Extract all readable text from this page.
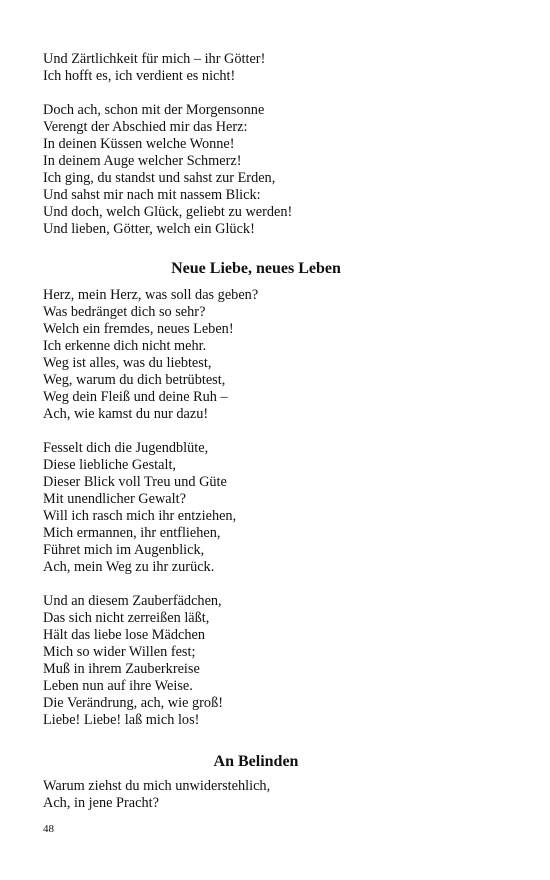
Und Zärtlichkeit für mich – ihr Götter!
Ich hofft es, ich verdient es nicht!
Doch ach, schon mit der Morgensonne
Verengt der Abschied mir das Herz:
In deinen Küssen welche Wonne!
In deinem Auge welcher Schmerz!
Ich ging, du standst und sahst zur Erden,
Und sahst mir nach mit nassem Blick:
Und doch, welch Glück, geliebt zu werden!
Und lieben, Götter, welch ein Glück!
Neue Liebe, neues Leben
Herz, mein Herz, was soll das geben?
Was bedränget dich so sehr?
Welch ein fremdes, neues Leben!
Ich erkenne dich nicht mehr.
Weg ist alles, was du liebtest,
Weg, warum du dich betrübtest,
Weg dein Fleiß und deine Ruh –
Ach, wie kamst du nur dazu!
Fesselt dich die Jugendblüte,
Diese liebliche Gestalt,
Dieser Blick voll Treu und Güte
Mit unendlicher Gewalt?
Will ich rasch mich ihr entziehen,
Mich ermannen, ihr entfliehen,
Führet mich im Augenblick,
Ach, mein Weg zu ihr zurück.
Und an diesem Zauberfädchen,
Das sich nicht zerreißen läßt,
Hält das liebe lose Mädchen
Mich so wider Willen fest;
Muß in ihrem Zauberkreise
Leben nun auf ihre Weise.
Die Verändrung, ach, wie groß!
Liebe! Liebe! laß mich los!
An Belinden
Warum ziehst du mich unwiderstehlich,
Ach, in jene Pracht?
48
